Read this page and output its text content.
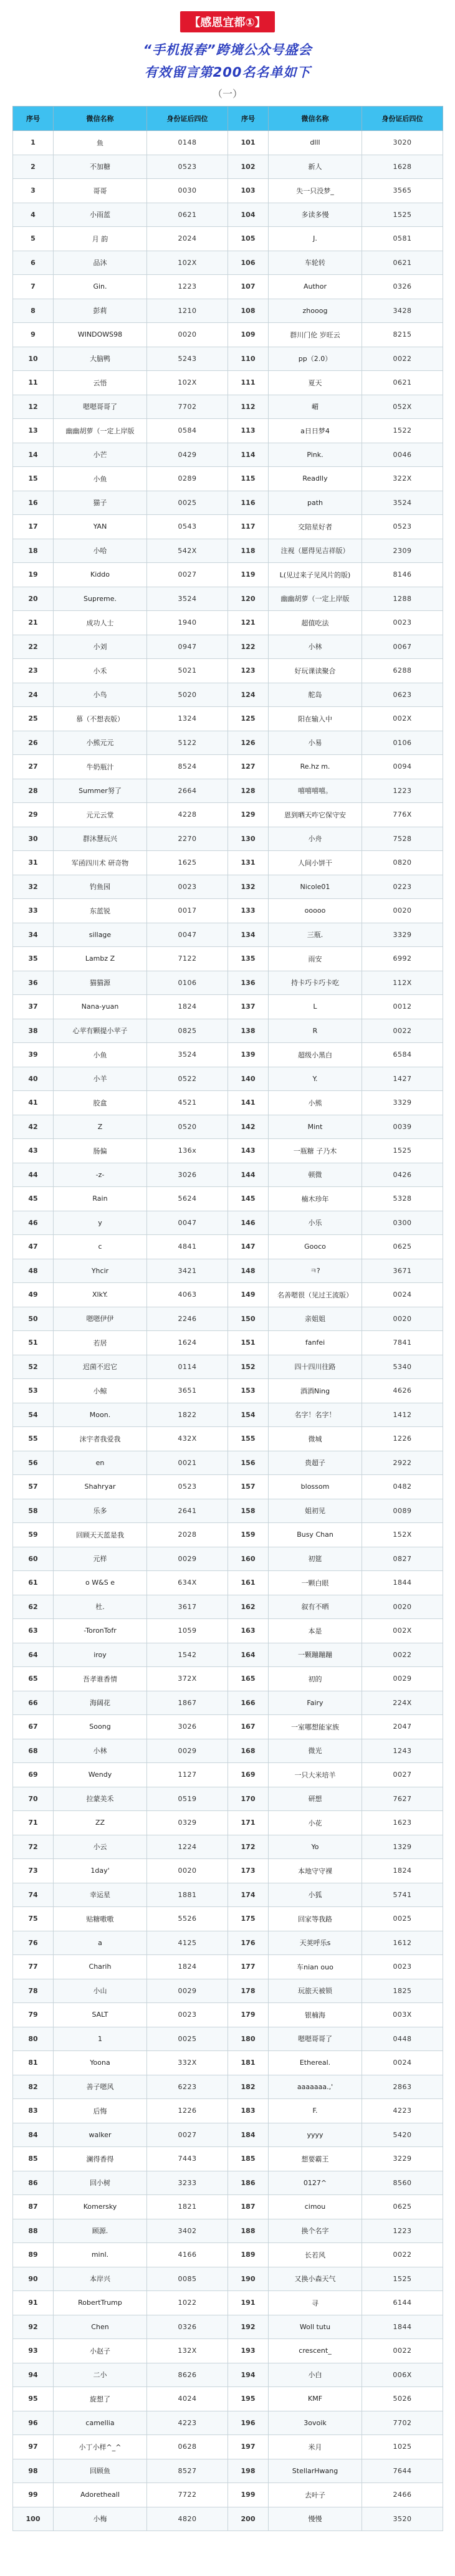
【感恩宜都①】
“手机报春”跨境公众号盛会
有效留言第200名名单如下
（一）
序号	微信名称	身份证后四位	序号	微信名称	身份证后四位
1	鱼	0148	101	dlll	3020
2	不加糖	0523	102	新人	1628
3	哥哥	0030	103	失一只没梦_	3565
4	小雨蓝	0621	104	多读多慢	1525
5	月 韵	2024	105	J.	0581
6	品沐	102X	106	车轮转	0621
7	Gin.	1223	107	Author	0326
8	彭莉	1210	108	zhooog	3428
9	WINDOWS98	0020	109	群川门伦 岁旺云	8215
10	大脑鸭	5243	110	pp（2.0）	0022
11	云悟	102X	111	夏天	0621
12	嗯嗯哥哥了	7702	112	嵋	052X
13	幽幽胡萝（一定上岸版	0584	113	a日日梦4	1522
14	小芒	0429	114	Pink.	0046
15	小鱼	0289	115	Readlly	322X
16	猫子	0025	116	path	3524
17	YAN	0543	117	交陪星好者	0523
18	小哈	542X	118	注视（愿得见吉祥版）	2309
19	Kiddo	0027	119	L(见过来子见风片的版)	8146
20	Supreme.	3524	120	幽幽胡萝（一定上岸版	1288
21	成功人士	1940	121	超值吃法	0023
22	小刘	0947	122	小林	0067
23	小禾	5021	123	好玩课读聚合	6288
24	小鸟	5020	124	舵岛	0623
25	慕（不想表版）	1324	125	阳在输入中	002X
26	小熊元元	5122	126	小易	0106
27	牛奶瓶汁	8524	127	Re.hz m.	0094
28	Summer努了	2664	128	嘻嘻嘻嘻。	1223
29	元元云堂	4228	129	恩到晒天咋它保守安	776X
30	群沐慧玩兴	2270	130	小舟	7528
31	军函四川术 研奇物	1625	131	人间小饼干	0820
32	钓鱼园	0023	132	Nicole01	0223
33	东蓝锐	0017	133	ooooo	0020
34	sillage	0047	134	三瓶.	3329
35	Lambz Z	7122	135	雨安	6992
36	猫猫源	0106	136	持卡巧卡巧卡吃	112X
37	Nana-yuan	1824	137	L	0012
38	心苹有颗提小苹子	0825	138	R	0022
39	小鱼	3524	139	超级小黑白	6584
40	小羊	0522	140	Y.	1427
41	胶盒	4521	141	小熊	3329
42	Z	0520	142	Mint	0039
43	肠偏	136x	143	一瓶糖 子乃木	1525
44	-z-	3026	144	顿微	0426
45	Rain	5624	145	楠木珍年	5328
46	y	0047	146	小乐	0300
47	c	4841	147	Gooco	0625
48	Yhcir	3421	148	ㅋ?	3671
49	XlkY.	4063	149	名善嗯很（见过王流版）	0024
50	嗯嗯伊伊	2246	150	亲姐姐	0020
51	若居	1624	151	fanfei	7841
52	迟菌不迟它	0114	152	四十四川往路	5340
53	小鲸	3651	153	酒酒Ning	4626
54	Moon.	1822	154	名字！名字！	1412
55	沫宇者我爱我	432X	155	微城	1226
56	en	0021	156	贵超子	2922
57	Shahryar	0523	157	blossom	0482
58	乐多	2641	158	姐初见	0089
59	回顾天天蓝是我	2028	159	Busy Chan	152X
60	元样	0029	160	初筵	0827
61	o W&S e	634X	161	一颗白眼	1844
62	杜.	3617	162	叙有不晒	0020
63	-ToronTofr	1059	163	本是	002X
64	iroy	1542	164	一颗蹦蹦蹦	0022
65	吾孝谁香情	372X	165	初的	0029
66	海阔花	1867	166	Fairy	224X
67	Soong	3026	167	一室哪想能家族	2047
68	小林	0029	168	微光	1243
69	Wendy	1127	169	一只大米培羊	0027
70	拉蒙美禾	0519	170	研想	7627
71	ZZ	0329	171	小花	1623
72	小云	1224	172	Yo	1329
73	1day'	0020	173	本地守守裸	1824
74	幸运星	1881	174	小狐	5741
75	贴糖嗷嗷	5526	175	回家等我路	0025
76	a	4125	176	天荚呼乐s	1612
77	Charih	1824	177	车nian ouo	0023
78	小山	0029	178	玩旅天被锁	1825
79	SALT	0023	179	银楠海	003X
80	1	0025	180	嗯嗯哥哥了	0448
81	Yoona	332X	181	Ethereal.	0024
82	善子嗯风	6223	182	aaaaaaa.,'	2863
83	后悔	1226	183	F.	4223
84	walker	0027	184	yyyy	5420
85	澜得香得	7443	185	想要霸王	3229
86	回小树	3233	186	0127^	8560
87	Komersky	1821	187	cimou	0625
88	顾源.	3402	188	换个名字	1223
89	minl.	4166	189	长若风	0022
90	本岸兴	0085	190	又换小森天气	1525
91	RobertTrump	1022	191	寻	6144
92	Chen	0326	192	Woll tutu	1844
93	小赵子	132X	193	crescent_	0022
94	二小	8626	194	小白	006X
95	旋想了	4024	195	KMF	5026
96	camellia	4223	196	3ovoik	7702
97	小丁小样^_^	0628	197	米月	1025
98	回顾鱼	8527	198	StellarHwang	7644
99	Adoretheall	7722	199	去叶子	2466
100	小梅	4820	200	慢慢	3520
